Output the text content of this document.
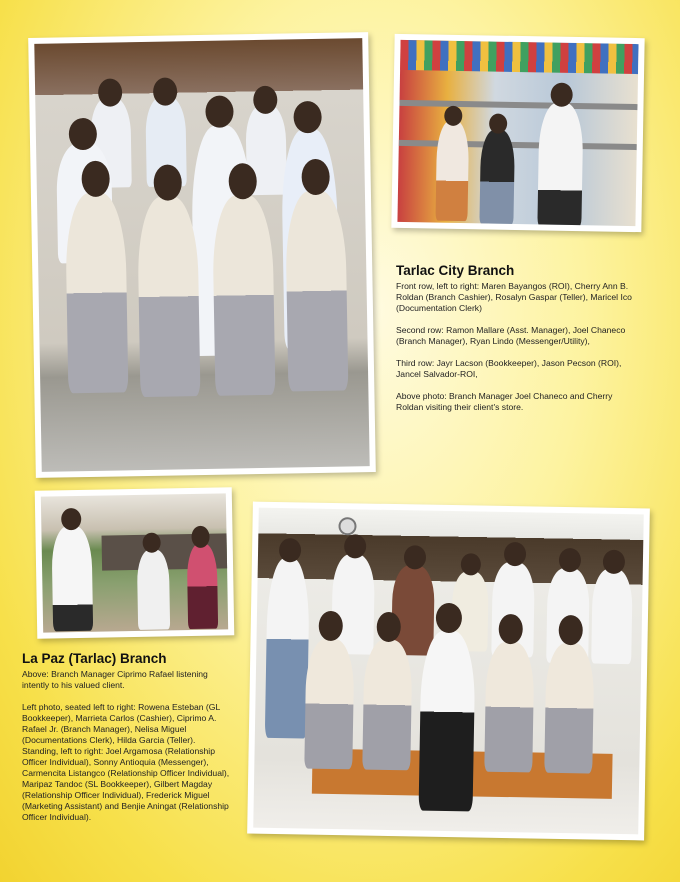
Tarlac City Branch

Front row, left to right: Maren Bayangos (ROI), Cherry Ann B. Roldan (Branch Cashier), Rosalyn Gaspar (Teller), Maricel Ico (Documentation Clerk)

Second row: Ramon Mallare (Asst. Manager), Joel Chaneco (Branch Manager), Ryan Lindo (Messenger/Utility),

Third row: Jayr Lacson (Bookkeeper), Jason Pecson (ROI), Jancel Salvador-ROI,

Above photo: Branch Manager Joel Chaneco and Cherry Roldan visiting their client's store.

La Paz (Tarlac) Branch

Above: Branch Manager Ciprimo Rafael listening intently to his valued client.

Left photo, seated left to right: Rowena Esteban (GL Bookkeeper), Marrieta Carlos (Cashier), Ciprimo A. Rafael Jr. (Branch Manager), Nelisa Miguel (Documentations Clerk), Hilda Garcia (Teller). Standing, left to right: Joel Argamosa (Relationship Officer Individual), Sonny Antioquia (Messenger), Carmencita Listangco (Relationship Officer Individual), Maripaz Tandoc (SL Bookkeeper), Gilbert Magday (Relationship Officer Individual), Frederick Miguel (Marketing Assistant) and Benjie Aningat (Relationship Officer Individual).
